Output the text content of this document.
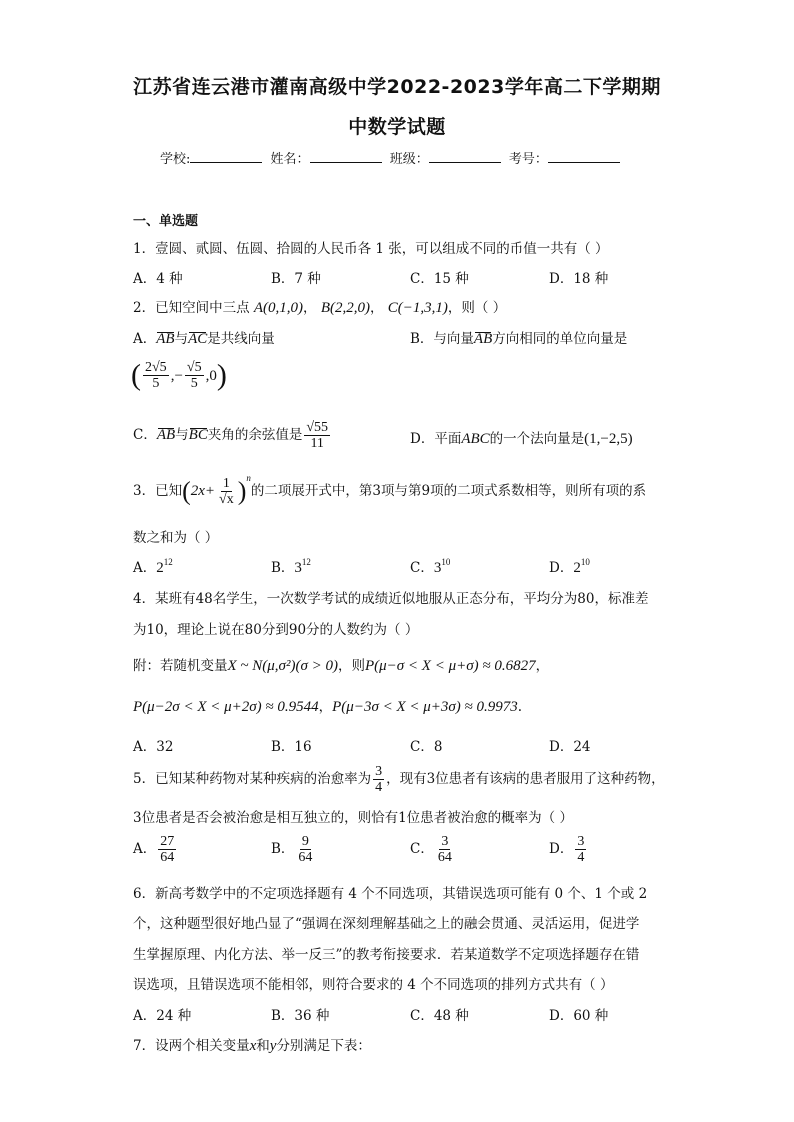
江苏省连云港市灌南高级中学2022-2023学年高二下学期期
中数学试题
学校:	姓名：	班级：	考号：
一、单选题
1．壹圆、贰圆、伍圆、拾圆的人民币各 1 张，可以组成不同的币值一共有（ ）
A．4 种	B．7 种	C．15 种	D．18 种
2．已知空间中三点 A(0,1,0)， B(2,2,0)， C(−1,3,1)，则（ ）
A．AB与AC是共线向量	B．与向量AB方向相同的单位向量是
( $\frac{2√5}{5}$ ,− $\frac{√5}{5} ,0$)
C．AB与BC夹角的余弦值是 $\frac{√55}{11}$	D．平面ABC的一个法向量是(1,−2,5)
3．已知$(2x+ \frac{1}{√x} )^n$的二项展开式中，第3项与第9项的二项式系数相等，则所有项的系
数之和为（ ）
A．$2^{12}$	B．$3^{12}$	C．$3^{10}$	D．$2^{10}$
4．某班有48名学生，一次数学考试的成绩近似地服从正态分布，平均分为80，标准差
为10，理论上说在80分到90分的人数约为（ ）
附：若随机变量X ~ N(μ,σ²)(σ > 0)，则P(μ−σ < X < μ+σ) ≈ 0.6827，
P(μ−2σ < X < μ+2σ) ≈ 0.9544，P(μ−3σ < X < μ+3σ) ≈ 0.9973.
A．32	B．16	C．8	D．24
5．已知某种药物对某种疾病的治愈率为 $\frac{3}{4}$ ，现有3位患者有该病的患者服用了这种药物，
3位患者是否会被治愈是相互独立的，则恰有1位患者被治愈的概率为（ ）
A． $\frac{27}{64}$	B． $\frac{9}{64}$	C． $\frac{3}{64}$	D． $\frac{3}{4}$
6．新高考数学中的不定项选择题有 4 个不同选项，其错误选项可能有 0 个、1 个或 2
个，这种题型很好地凸显了“强调在深刻理解基础之上的融会贯通、灵活运用，促进学
生掌握原理、内化方法、举一反三”的教考衔接要求．若某道数学不定项选择题存在错
误选项，且错误选项不能相邻，则符合要求的 4 个不同选项的排列方式共有（ ）
A．24 种	B．36 种	C．48 种	D．60 种
7．设两个相关变量x和y分别满足下表：
